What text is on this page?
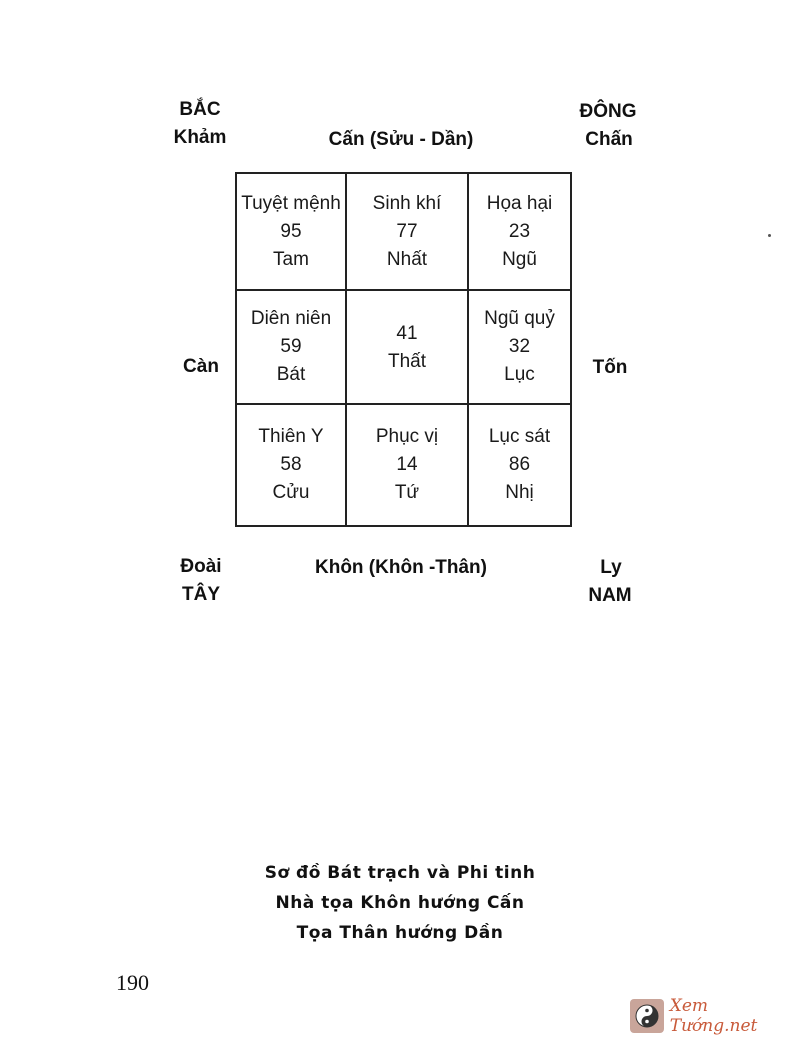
BẮC
Khảm
ĐÔNG
Chấn
Cấn (Sửu - Dần)
Càn	Tốn
Đoài
TÂY
Khôn (Khôn -Thân)	Ly
NAM
Tuyệt mệnh
95
Tam
Sinh khí
77
Nhất
Họa hại
23
Ngũ
Diên niên
59
Bát
41
Thất
Ngũ quỷ
32
Lục
Thiên Y
58
Cửu
Phục vị
14
Tứ
Lục sát
86
Nhị
Sơ đồ Bát trạch và Phi tinh
Nhà tọa Khôn hướng Cấn
Tọa Thân hướng Dần
190
Xem Tướng.net
